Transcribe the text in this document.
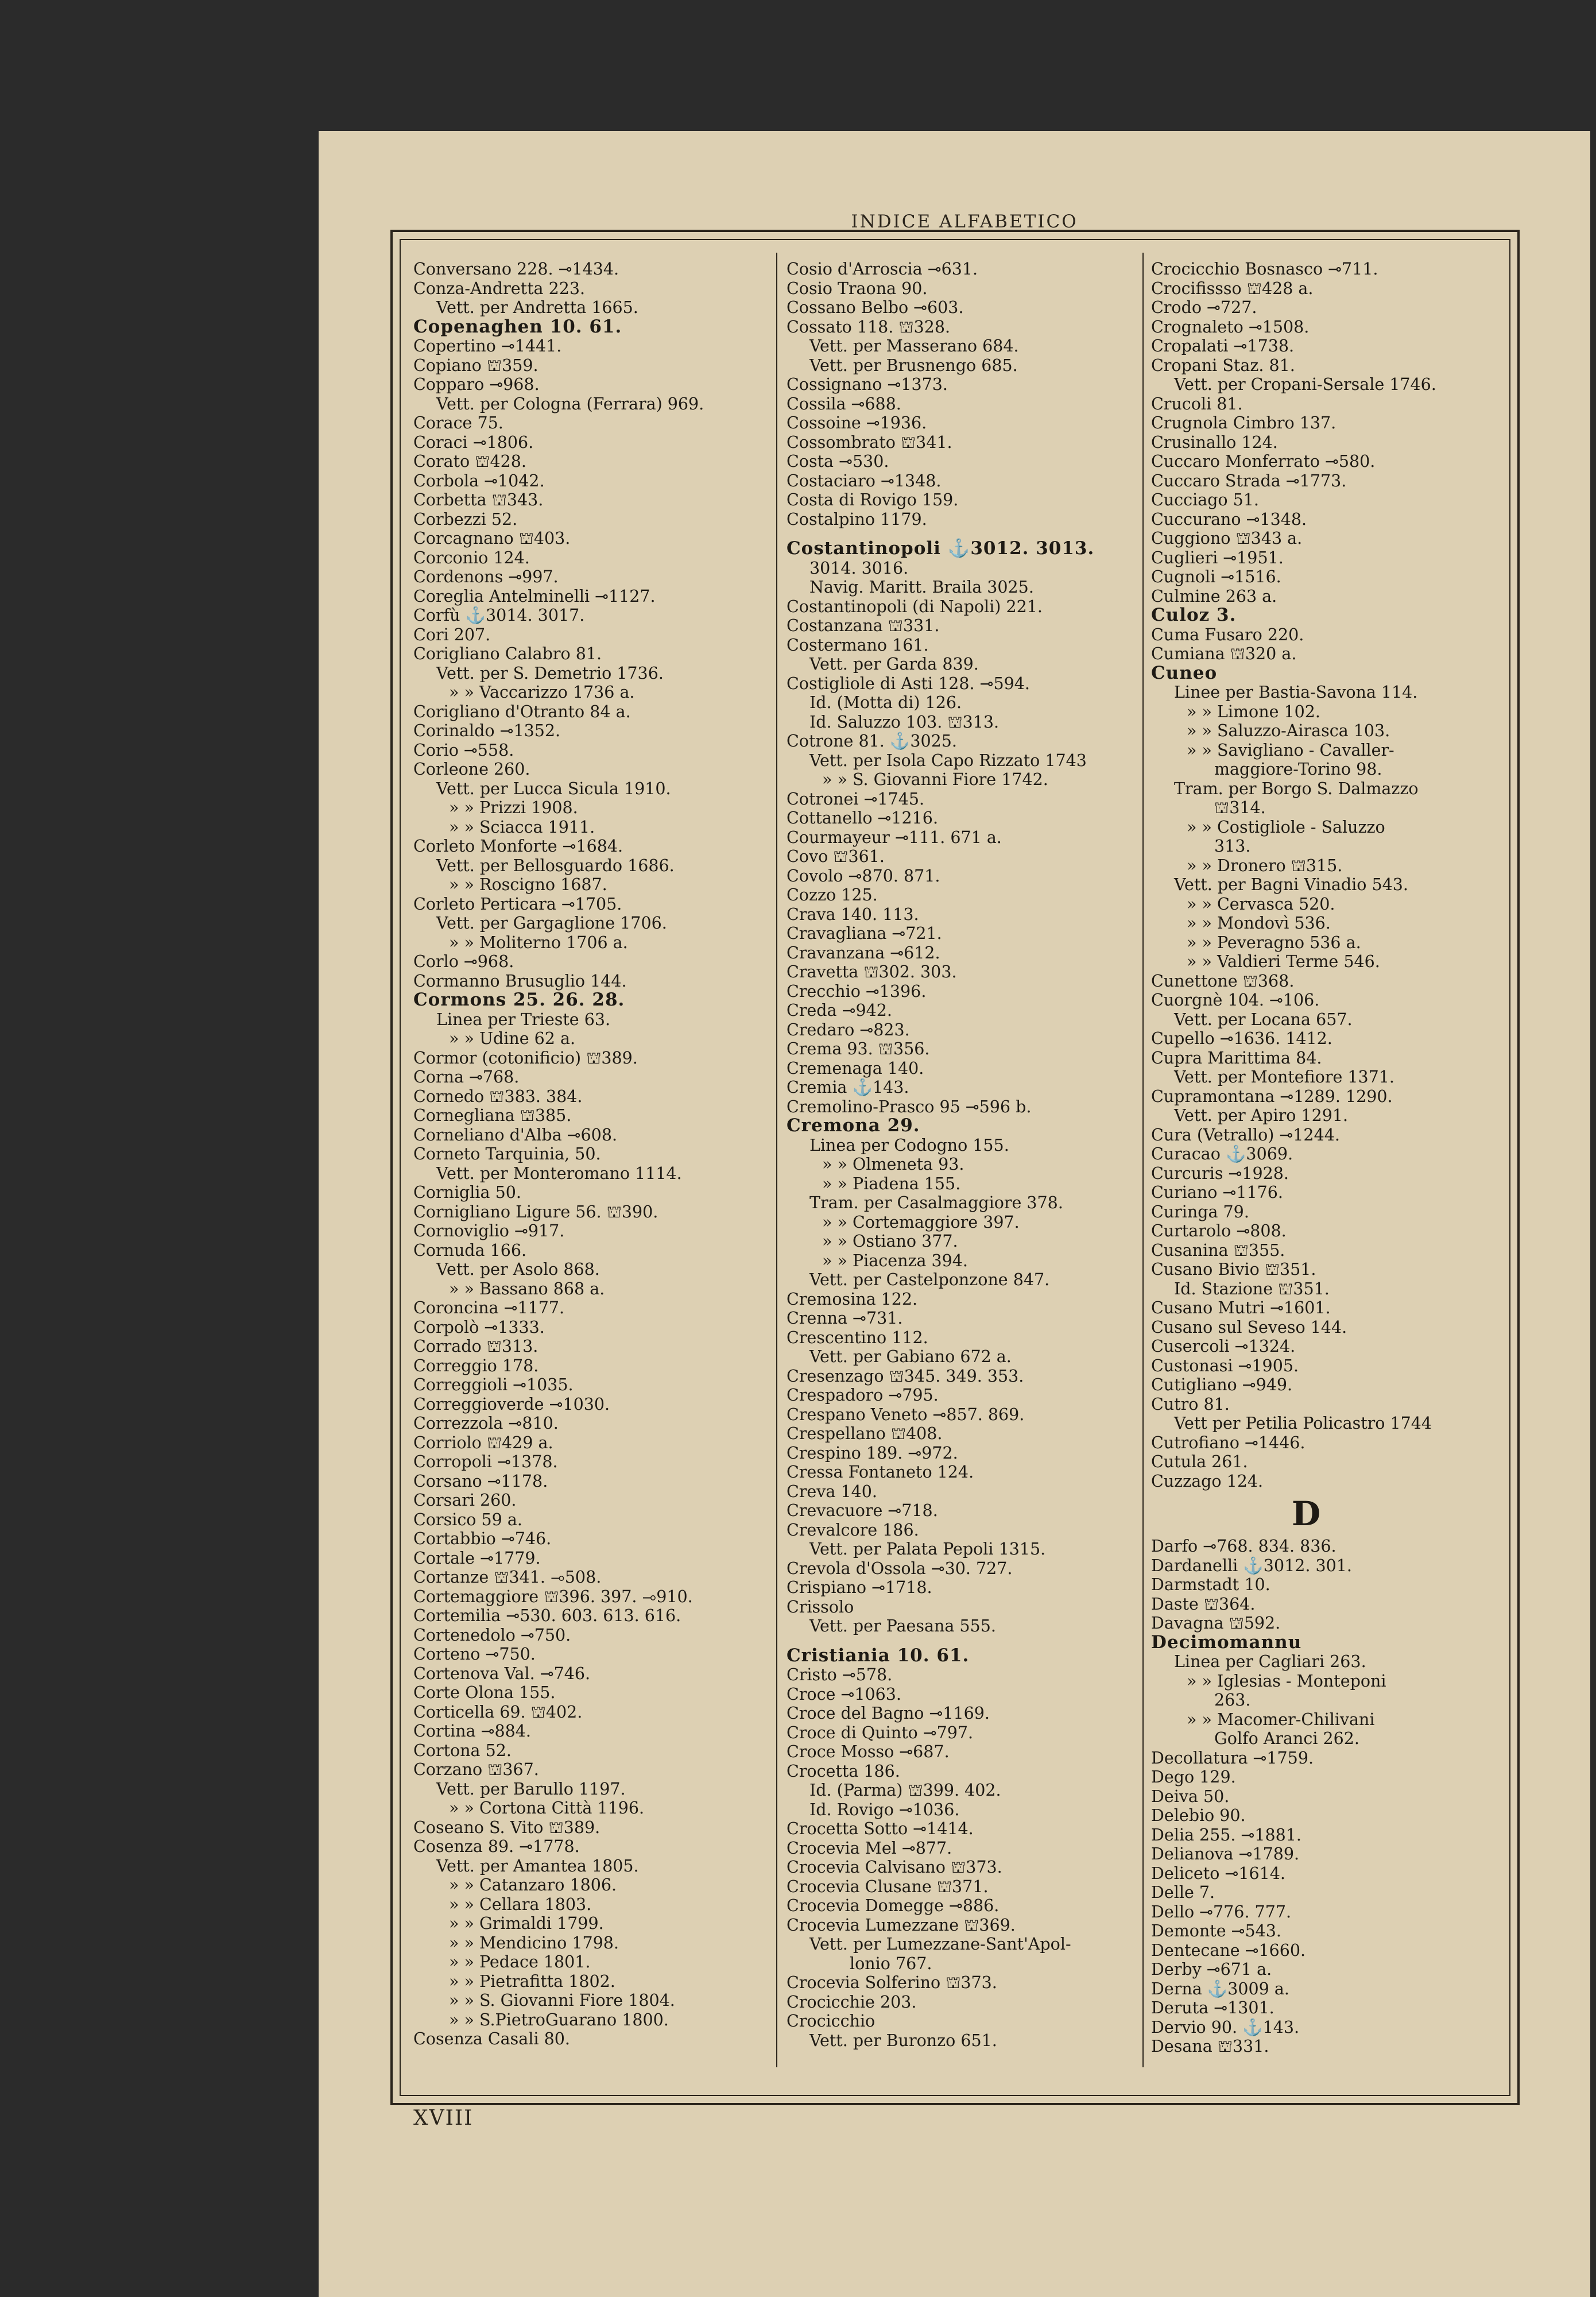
INDICE ALFABETICO
Conversano 228. ⊸1434.
Conza-Andretta 223.
Vett. per Andretta 1665.
Copenaghen 10. 61.
Copertino ⊸1441.
Copiano ⛫359.
Copparo ⊸968.
Vett. per Cologna (Ferrara) 969.
Corace 75.
Coraci ⊸1806.
Corato ⛫428.
Corbola ⊸1042.
Corbetta ⛫343.
Corbezzi 52.
Corcagnano ⛫403.
Corconio 124.
Cordenons ⊸997.
Coreglia Antelminelli ⊸1127.
Corfù ⚓3014. 3017.
Cori 207.
Corigliano Calabro 81.
Vett. per S. Demetrio 1736.
» » Vaccarizzo 1736 a.
Corigliano d'Otranto 84 a.
Corinaldo ⊸1352.
Corio ⊸558.
Corleone 260.
Vett. per Lucca Sicula 1910.
» » Prizzi 1908.
» » Sciacca 1911.
Corleto Monforte ⊸1684.
Vett. per Bellosguardo 1686.
» » Roscigno 1687.
Corleto Perticara ⊸1705.
Vett. per Gargaglione 1706.
» » Moliterno 1706 a.
Corlo ⊸968.
Cormanno Brusuglio 144.
Cormons 25. 26. 28.
Linea per Trieste 63.
» » Udine 62 a.
Cormor (cotonificio) ⛫389.
Corna ⊸768.
Cornedo ⛫383. 384.
Cornegliana ⛫385.
Corneliano d'Alba ⊸608.
Corneto Tarquinia, 50.
Vett. per Monteromano 1114.
Corniglia 50.
Cornigliano Ligure 56. ⛫390.
Cornoviglio ⊸917.
Cornuda 166.
Vett. per Asolo 868.
» » Bassano 868 a.
Coroncina ⊸1177.
Corpolò ⊸1333.
Corrado ⛫313.
Correggio 178.
Correggioli ⊸1035.
Correggioverde ⊸1030.
Correzzola ⊸810.
Corriolo ⛫429 a.
Corropoli ⊸1378.
Corsano ⊸1178.
Corsari 260.
Corsico 59 a.
Cortabbio ⊸746.
Cortale ⊸1779.
Cortanze ⛫341. ⊸508.
Cortemaggiore ⛫396. 397. ⊸910.
Cortemilia ⊸530. 603. 613. 616.
Cortenedolo ⊸750.
Corteno ⊸750.
Cortenova Val. ⊸746.
Corte Olona 155.
Corticella 69. ⛫402.
Cortina ⊸884.
Cortona 52.
Corzano ⛫367.
Vett. per Barullo 1197.
» » Cortona Città 1196.
Coseano S. Vito ⛫389.
Cosenza 89. ⊸1778.
Vett. per Amantea 1805.
» » Catanzaro 1806.
» » Cellara 1803.
» » Grimaldi 1799.
» » Mendicino 1798.
» » Pedace 1801.
» » Pietrafitta 1802.
» » S. Giovanni Fiore 1804.
» » S.PietroGuarano 1800.
Cosenza Casali 80.
Cosio d'Arroscia ⊸631.
Cosio Traona 90.
Cossano Belbo ⊸603.
Cossato 118. ⛫328.
Vett. per Masserano 684.
Vett. per Brusnengo 685.
Cossignano ⊸1373.
Cossila ⊸688.
Cossoine ⊸1936.
Cossombrato ⛫341.
Costa ⊸530.
Costaciaro ⊸1348.
Costa di Rovigo 159.
Costalpino 1179.
Costantinopoli ⚓3012. 3013.
3014. 3016.
Navig. Maritt. Braila 3025.
Costantinopoli (di Napoli) 221.
Costanzana ⛫331.
Costermano 161.
Vett. per Garda 839.
Costigliole di Asti 128. ⊸594.
Id. (Motta di) 126.
Id. Saluzzo 103. ⛫313.
Cotrone 81. ⚓3025.
Vett. per Isola Capo Rizzato 1743
» » S. Giovanni Fiore 1742.
Cotronei ⊸1745.
Cottanello ⊸1216.
Courmayeur ⊸111. 671 a.
Covo ⛫361.
Covolo ⊸870. 871.
Cozzo 125.
Crava 140. 113.
Cravagliana ⊸721.
Cravanzana ⊸612.
Cravetta ⛫302. 303.
Crecchio ⊸1396.
Creda ⊸942.
Credaro ⊸823.
Crema 93. ⛫356.
Cremenaga 140.
Cremia ⚓143.
Cremolino-Prasco 95 ⊸596 b.
Cremona 29.
Linea per Codogno 155.
» » Olmeneta 93.
» » Piadena 155.
Tram. per Casalmaggiore 378.
» » Cortemaggiore 397.
» » Ostiano 377.
» » Piacenza 394.
Vett. per Castelponzone 847.
Cremosina 122.
Crenna ⊸731.
Crescentino 112.
Vett. per Gabiano 672 a.
Cresenzago ⛫345. 349. 353.
Crespadoro ⊸795.
Crespano Veneto ⊸857. 869.
Crespellano ⛫408.
Crespino 189. ⊸972.
Cressa Fontaneto 124.
Creva 140.
Crevacuore ⊸718.
Crevalcore 186.
Vett. per Palata Pepoli 1315.
Crevola d'Ossola ⊸30. 727.
Crispiano ⊸1718.
Crissolo
Vett. per Paesana 555.
Cristiania 10. 61.
Cristo ⊸578.
Croce ⊸1063.
Croce del Bagno ⊸1169.
Croce di Quinto ⊸797.
Croce Mosso ⊸687.
Crocetta 186.
Id. (Parma) ⛫399. 402.
Id. Rovigo ⊸1036.
Crocetta Sotto ⊸1414.
Crocevia Mel ⊸877.
Crocevia Calvisano ⛫373.
Crocevia Clusane ⛫371.
Crocevia Domegge ⊸886.
Crocevia Lumezzane ⛫369.
Vett. per Lumezzane-Sant'Apol-
lonio 767.
Crocevia Solferino ⛫373.
Crocicchie 203.
Crocicchio
Vett. per Buronzo 651.
Crocicchio Bosnasco ⊸711.
Crocifissso ⛫428 a.
Crodo ⊸727.
Crognaleto ⊸1508.
Cropalati ⊸1738.
Cropani Staz. 81.
Vett. per Cropani-Sersale 1746.
Crucoli 81.
Crugnola Cimbro 137.
Crusinallo 124.
Cuccaro Monferrato ⊸580.
Cuccaro Strada ⊸1773.
Cucciago 51.
Cuccurano ⊸1348.
Cuggiono ⛫343 a.
Cuglieri ⊸1951.
Cugnoli ⊸1516.
Culmine 263 a.
Culoz 3.
Cuma Fusaro 220.
Cumiana ⛫320 a.
Cuneo
Linee per Bastia-Savona 114.
» » Limone 102.
» » Saluzzo-Airasca 103.
» » Savigliano - Cavaller-
maggiore-Torino 98.
Tram. per Borgo S. Dalmazzo
⛫314.
» » Costigliole - Saluzzo
313.
» » Dronero ⛫315.
Vett. per Bagni Vinadio 543.
» » Cervasca 520.
» » Mondovì 536.
» » Peveragno 536 a.
» » Valdieri Terme 546.
Cunettone ⛫368.
Cuorgnè 104. ⊸106.
Vett. per Locana 657.
Cupello ⊸1636. 1412.
Cupra Marittima 84.
Vett. per Montefiore 1371.
Cupramontana ⊸1289. 1290.
Vett. per Apiro 1291.
Cura (Vetrallo) ⊸1244.
Curacao ⚓3069.
Curcuris ⊸1928.
Curiano ⊸1176.
Curinga 79.
Curtarolo ⊸808.
Cusanina ⛫355.
Cusano Bivio ⛫351.
Id. Stazione ⛫351.
Cusano Mutri ⊸1601.
Cusano sul Seveso 144.
Cusercoli ⊸1324.
Custonasi ⊸1905.
Cutigliano ⊸949.
Cutro 81.
Vett per Petilia Policastro 1744
Cutrofiano ⊸1446.
Cutula 261.
Cuzzago 124.
D
Darfo ⊸768. 834. 836.
Dardanelli ⚓3012. 301.
Darmstadt 10.
Daste ⛫364.
Davagna ⛫592.
Decimomannu
Linea per Cagliari 263.
» » Iglesias - Monteponi
263.
» » Macomer-Chilivani
Golfo Aranci 262.
Decollatura ⊸1759.
Dego 129.
Deiva 50.
Delebio 90.
Delia 255. ⊸1881.
Delianova ⊸1789.
Deliceto ⊸1614.
Delle 7.
Dello ⊸776. 777.
Demonte ⊸543.
Dentecane ⊸1660.
Derby ⊸671 a.
Derna ⚓3009 a.
Deruta ⊸1301.
Dervio 90. ⚓143.
Desana ⛫331.
XVIII
